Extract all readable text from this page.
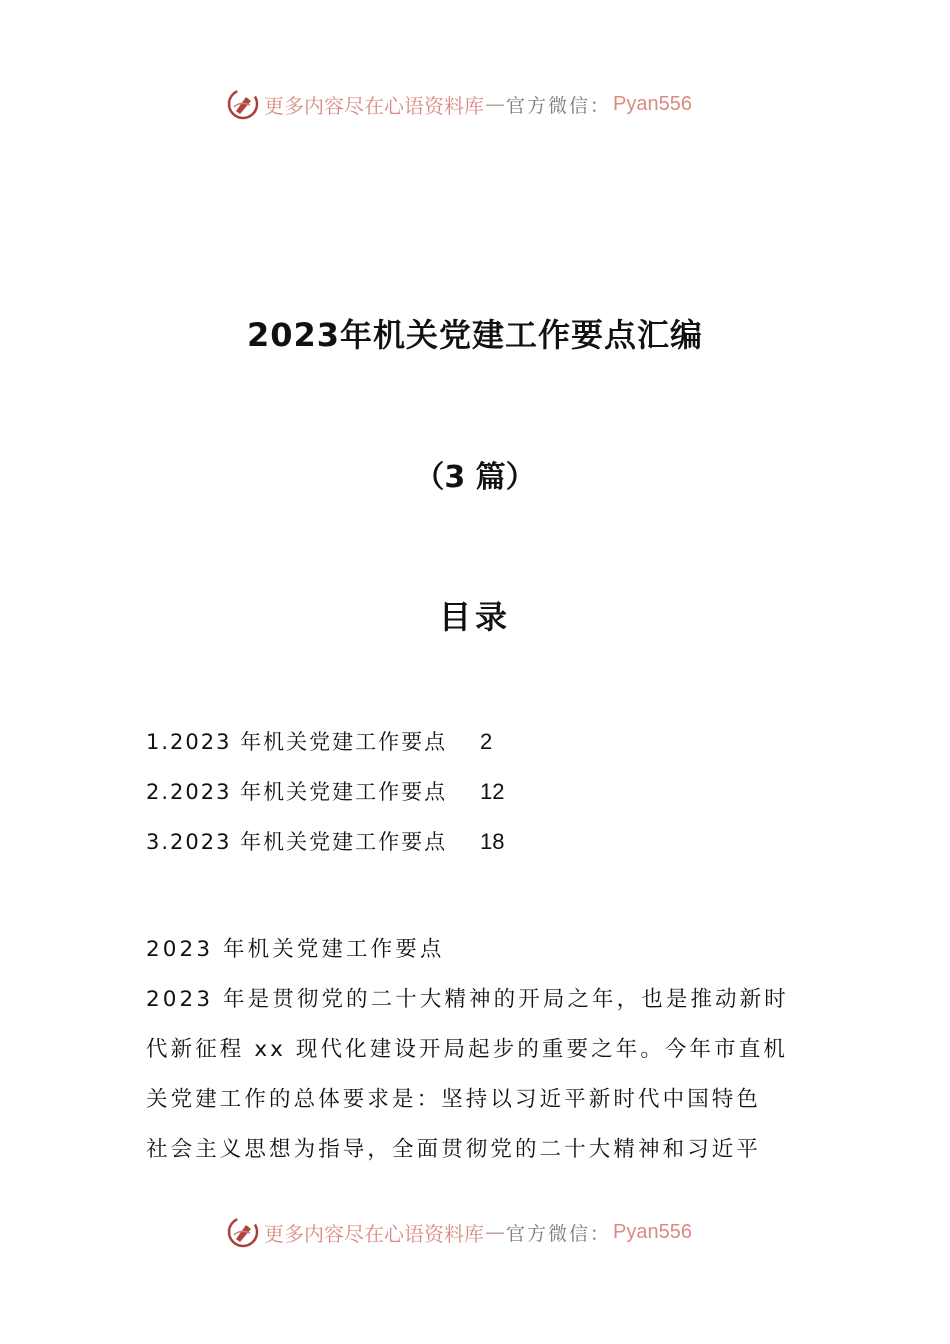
更多内容尽在心语资料库 — 官方微信： Pyan556
2023年机关党建工作要点汇编
（3 篇）
目录
1.2023 年机关党建工作要点	2
2.2023 年机关党建工作要点	12
3.2023 年机关党建工作要点	18

2023 年机关党建工作要点

2023 年是贯彻党的二十大精神的开局之年，也是推动新时

代新征程 xx 现代化建设开局起步的重要之年。今年市直机

关党建工作的总体要求是：坚持以习近平新时代中国特色

社会主义思想为指导，全面贯彻党的二十大精神和习近平

更多内容尽在心语资料库 — 官方微信： Pyan556
